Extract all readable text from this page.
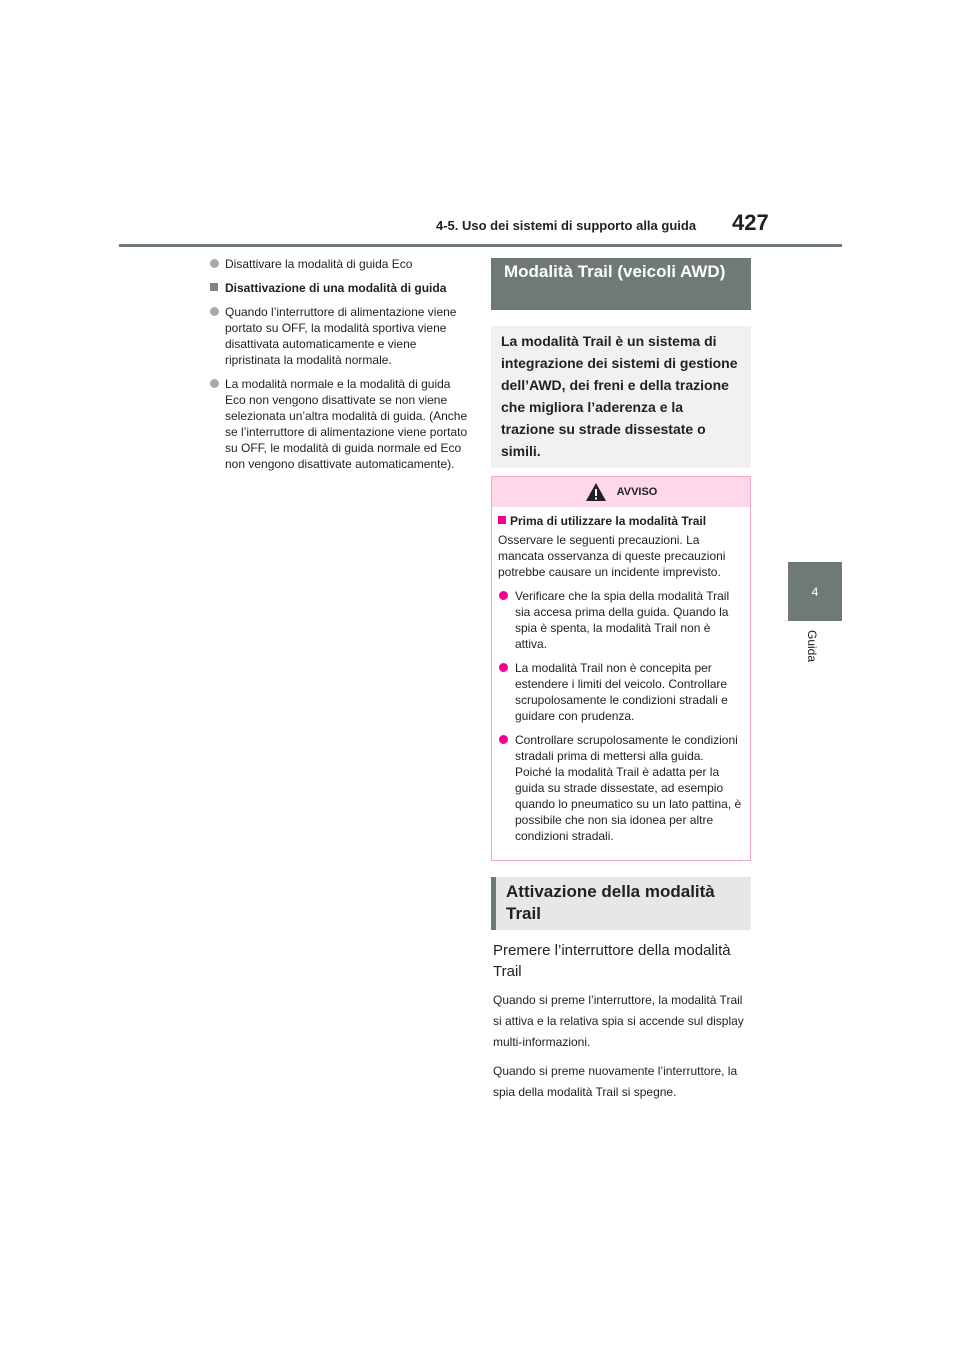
4-5. Uso dei sistemi di supporto alla guida 427
4
Guida
Disattivare la modalità di guida Eco
Disattivazione di una modalità di guida
Quando l’interruttore di alimentazione viene portato su OFF, la modalità sportiva viene disattivata automaticamente e viene ripristinata la modalità normale.
La modalità normale e la modalità di guida Eco non vengono disattivate se non viene selezionata un’altra modalità di guida. (Anche se l’interruttore di alimentazione viene portato su OFF, le modalità di guida normale ed Eco non vengono disattivate automaticamente).
Modalità Trail (veicoli AWD)
La modalità Trail è un sistema di integrazione dei sistemi di gestione dell’AWD, dei freni e della trazione che migliora l’aderenza e la trazione su strade dissestate o simili.
AVVISO
Prima di utilizzare la modalità Trail
Osservare le seguenti precauzioni. La mancata osservanza di queste precauzioni potrebbe causare un incidente imprevisto.
Verificare che la spia della modalità Trail sia accesa prima della guida. Quando la spia è spenta, la modalità Trail non è attiva.
La modalità Trail non è concepita per estendere i limiti del veicolo. Controllare scrupolosamente le condizioni stradali e guidare con prudenza.
Controllare scrupolosamente le condizioni stradali prima di mettersi alla guida. Poiché la modalità Trail è adatta per la guida su strade dissestate, ad esempio quando lo pneumatico su un lato pattina, è possibile che non sia idonea per altre condizioni stradali.
Attivazione della modalità Trail
Premere l’interruttore della modalità Trail
Quando si preme l’interruttore, la modalità Trail si attiva e la relativa spia si accende sul display multi-informazioni.
Quando si preme nuovamente l’interruttore, la spia della modalità Trail si spegne.
